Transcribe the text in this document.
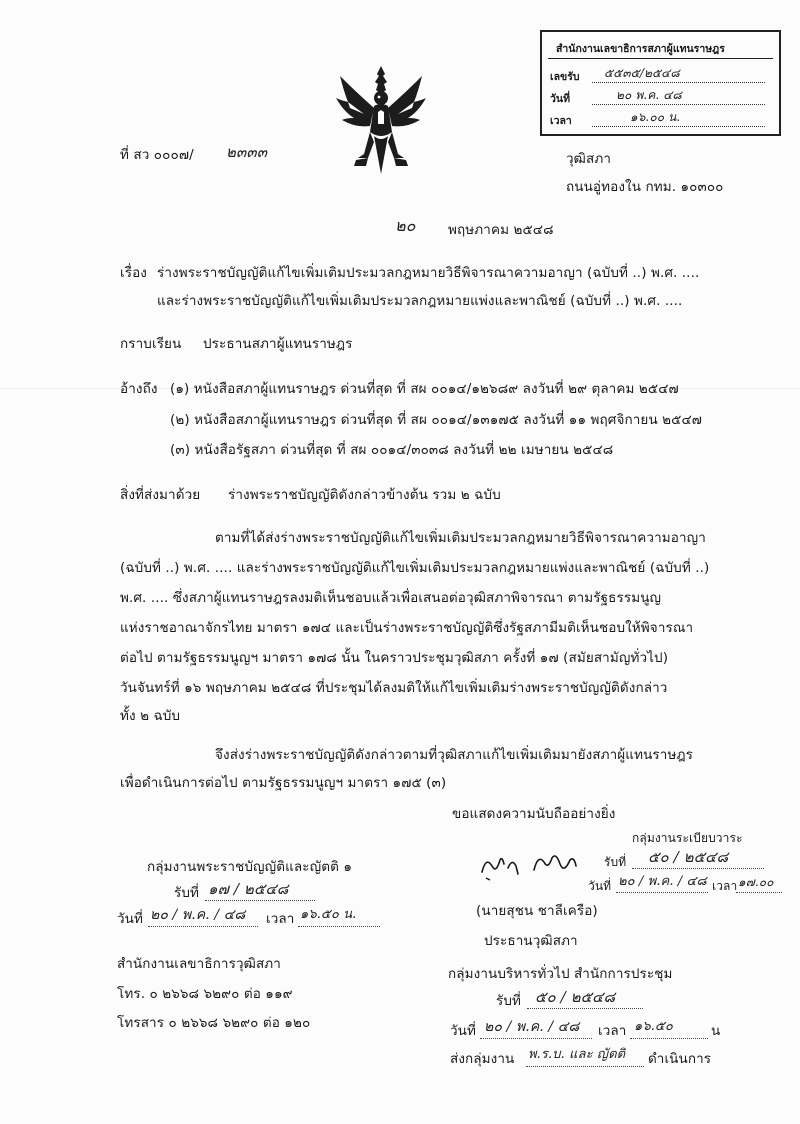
สำนักงานเลขาธิการสภาผู้แทนราษฎร
เลขรับ ๕๕๓๕/๒๕๔๘
วันที่	๒๐ พ.ค. ๔๘
เวลา	๑๖.๐๐ น.
ที่ สว ๐๐๐๗/ ๒๓๓๓	วุฒิสภา
ถนนอู่ทองใน กทม. ๑๐๓๐๐
๒๐ พฤษภาคม ๒๕๔๘
เรื่อง ร่างพระราชบัญญัติแก้ไขเพิ่มเติมประมวลกฎหมายวิธีพิจารณาความอาญา (ฉบับที่ ..) พ.ศ. ....
และร่างพระราชบัญญัติแก้ไขเพิ่มเติมประมวลกฎหมายแพ่งและพาณิชย์ (ฉบับที่ ..) พ.ศ. ....
กราบเรียน ประธานสภาผู้แทนราษฎร
อ้างถึง (๑) หนังสือสภาผู้แทนราษฎร ด่วนที่สุด ที่ สผ ๐๐๑๔/๑๒๖๘๙ ลงวันที่ ๒๙ ตุลาคม ๒๕๔๗
(๒) หนังสือสภาผู้แทนราษฎร ด่วนที่สุด ที่ สผ ๐๐๑๔/๑๓๑๗๕ ลงวันที่ ๑๑ พฤศจิกายน ๒๕๔๗
(๓) หนังสือรัฐสภา ด่วนที่สุด ที่ สผ ๐๐๑๔/๓๐๓๘ ลงวันที่ ๒๒ เมษายน ๒๕๔๘
สิ่งที่ส่งมาด้วย ร่างพระราชบัญญัติดังกล่าวข้างต้น รวม ๒ ฉบับ
ตามที่ได้ส่งร่างพระราชบัญญัติแก้ไขเพิ่มเติมประมวลกฎหมายวิธีพิจารณาความอาญา
(ฉบับที่ ..) พ.ศ. .... และร่างพระราชบัญญัติแก้ไขเพิ่มเติมประมวลกฎหมายแพ่งและพาณิชย์ (ฉบับที่ ..)
พ.ศ. .... ซึ่งสภาผู้แทนราษฎรลงมติเห็นชอบแล้วเพื่อเสนอต่อวุฒิสภาพิจารณา ตามรัฐธรรมนูญ
แห่งราชอาณาจักรไทย มาตรา ๑๗๔ และเป็นร่างพระราชบัญญัติซึ่งรัฐสภามีมติเห็นชอบให้พิจารณา
ต่อไป ตามรัฐธรรมนูญฯ มาตรา ๑๗๘ นั้น ในคราวประชุมวุฒิสภา ครั้งที่ ๑๗ (สมัยสามัญทั่วไป)
วันจันทร์ที่ ๑๖ พฤษภาคม ๒๕๔๘ ที่ประชุมได้ลงมติให้แก้ไขเพิ่มเติมร่างพระราชบัญญัติดังกล่าว
ทั้ง ๒ ฉบับ
จึงส่งร่างพระราชบัญญัติดังกล่าวตามที่วุฒิสภาแก้ไขเพิ่มเติมมายังสภาผู้แทนราษฎร
เพื่อดำเนินการต่อไป ตามรัฐธรรมนูญฯ มาตรา ๑๗๕ (๓)
ขอแสดงความนับถืออย่างยิ่ง
กลุ่มงานระเบียบวาระ
รับที่ ๕๐ / ๒๕๔๘
วันที่ ๒๐ / พ.ค. / ๔๘ เวลา ๑๗.๐๐
(นายสุชน ชาลีเครือ)
ประธานวุฒิสภา
กลุ่มงานพระราชบัญญัติและญัตติ ๑
รับที่ ๑๗ / ๒๕๔๘
วันที่ ๒๐ / พ.ค. / ๔๘ เวลา ๑๖.๕๐ น.
สำนักงานเลขาธิการวุฒิสภา
โทร. ๐ ๒๖๖๘ ๖๒๙๐ ต่อ ๑๑๙
โทรสาร ๐ ๒๖๖๘ ๖๒๙๐ ต่อ ๑๒๐
กลุ่มงานบริหารทั่วไป สำนักการประชุม
รับที่ ๕๐ / ๒๕๔๘
วันที่ ๒๐ / พ.ค. / ๔๘ เวลา ๑๖.๕๐	น
ส่งกลุ่มงาน พ.ร.บ. และ ญัตติ ดำเนินการ
